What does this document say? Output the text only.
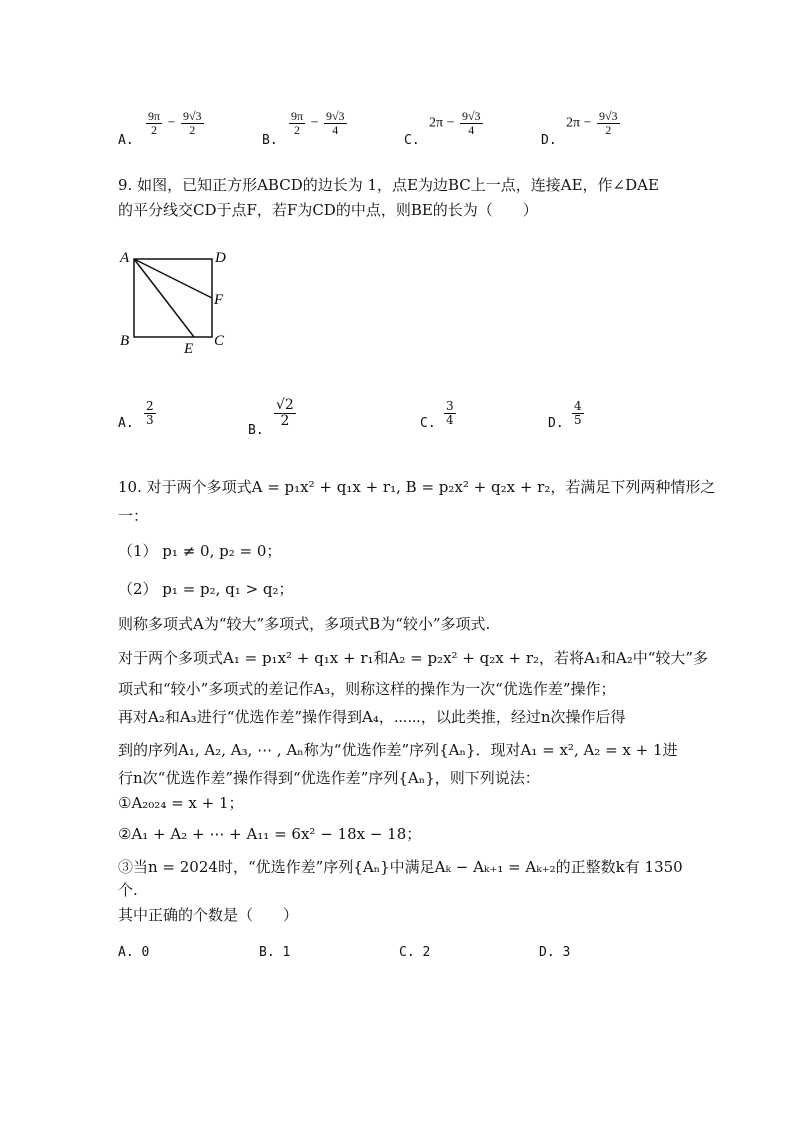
A.
$\frac{9\pi}{2} - \frac{9√3}{2}$
B.
$\frac{9\pi}{2} - \frac{9√3}{4}$
C.
$2\pi - \frac{9√3}{4}$
D.
$2\pi - \frac{9√3}{2}$
9. 如图，已知正方形ABCD的边长为 1，点E为边BC上一点，连接AE，作∠DAE
的平分线交CD于点F，若F为CD的中点，则BE的长为（　　）
A	D
F
B	E C
A. $\frac{2}{3}$
B.
$\frac{√2}{2}$	C. $\frac{3}{4}$	D. $\frac{4}{5}$
10. 对于两个多项式A = p₁x² + q₁x + r₁, B = p₂x² + q₂x + r₂，若满足下列两种情形之
一：
（1） p₁ ≠ 0, p₂ = 0；
（2） p₁ = p₂, q₁ > q₂；
则称多项式A为“较大”多项式，多项式B为“较小”多项式.
对于两个多项式A₁ = p₁x² + q₁x + r₁和A₂ = p₂x² + q₂x + r₂，若将A₁和A₂中“较大”多
项式和“较小”多项式的差记作A₃，则称这样的操作为一次“优选作差”操作；
再对A₂和A₃进行“优选作差”操作得到A₄，⋯⋯，以此类推，经过n次操作后得
到的序列A₁, A₂, A₃, ⋯ , Aₙ称为“优选作差”序列{Aₙ}．现对A₁ = x², A₂ = x + 1进
行n次“优选作差”操作得到“优选作差”序列{Aₙ}，则下列说法：
①A₂₀₂₄ = x + 1；
②A₁ + A₂ + ⋯ + A₁₁ = 6x² − 18x − 18；
③当n = 2024时，“优选作差”序列{Aₙ}中满足Aₖ − Aₖ₊₁ = Aₖ₊₂的正整数k有 1350
个.
其中正确的个数是（　　）
A. 0	B. 1	C. 2	D. 3
